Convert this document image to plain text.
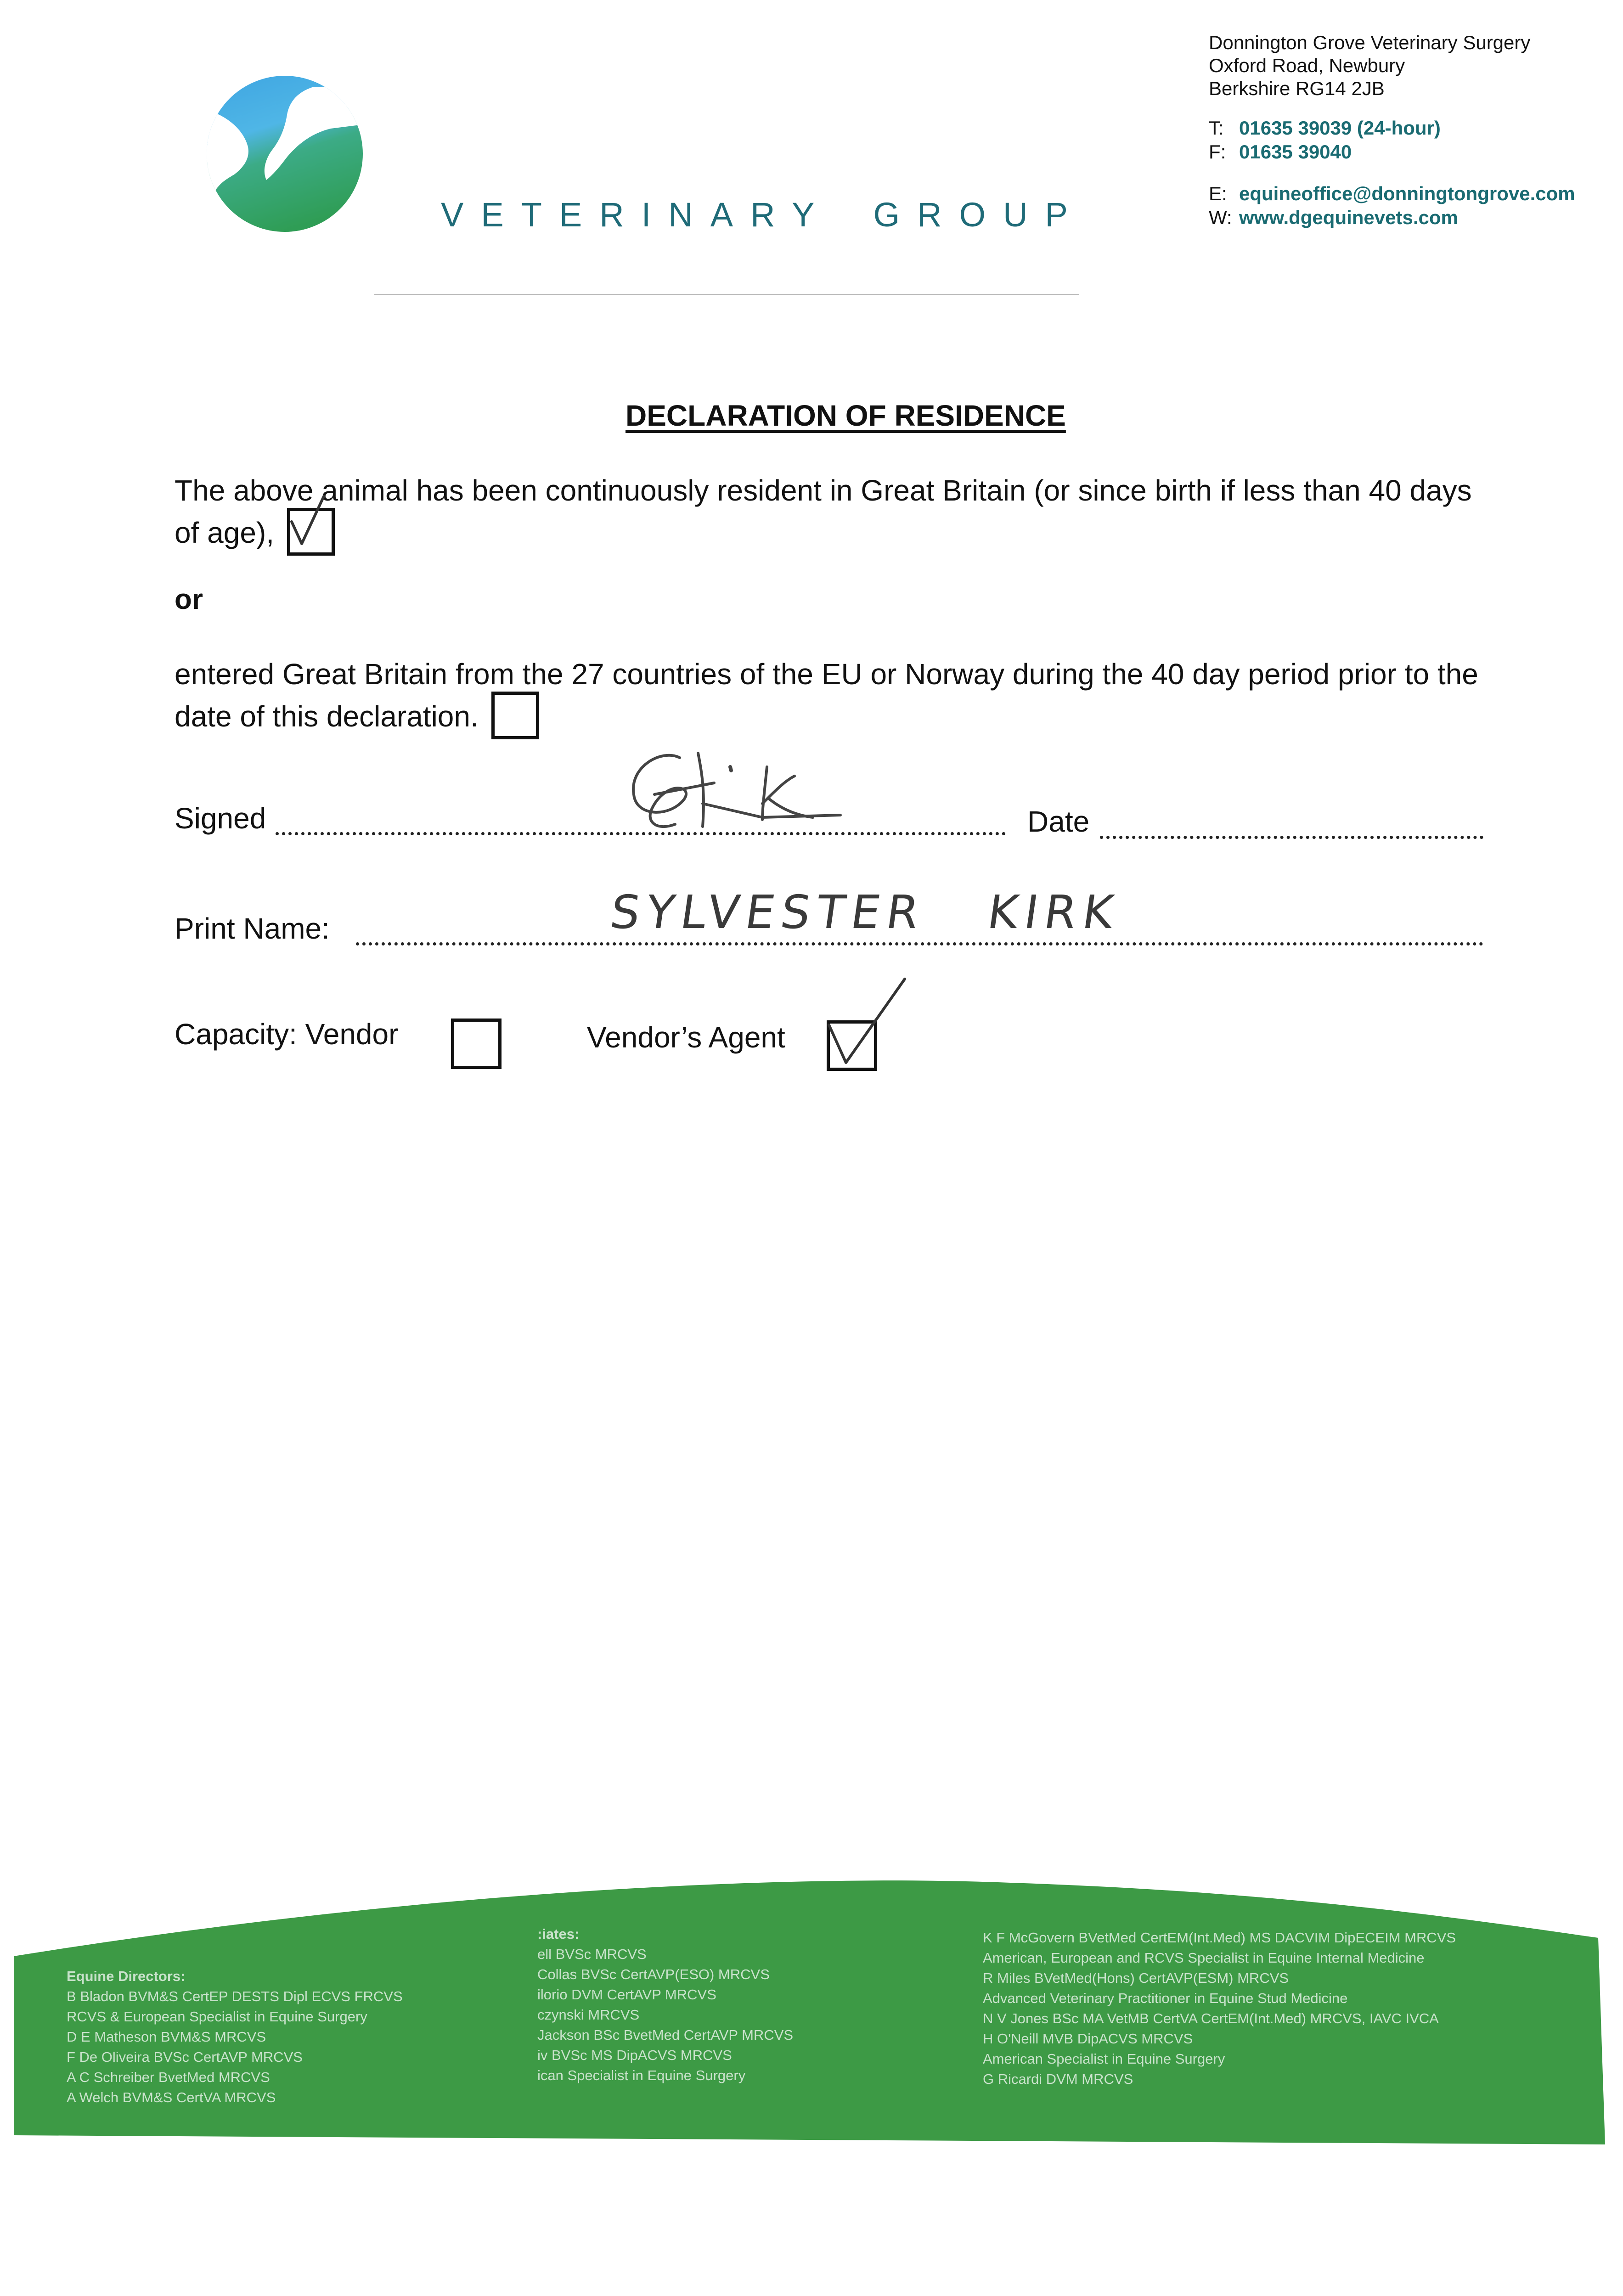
VETERINARY GROUP
Donnington Grove Veterinary Surgery
Oxford Road, Newbury
Berkshire RG14 2JB
T: 01635 39039 (24-hour)
F: 01635 39040
E: equineoffice@donningtongrove.com
W: www.dgequinevets.com
DECLARATION OF RESIDENCE
The above animal has been continuously resident in Great Britain (or since birth if less than 40 days of age),
or
entered Great Britain from the 27 countries of the EU or Norway during the 40 day period prior to the date of this declaration.
Signed	Date
Print Name:	SYLVESTER   KIRK
Capacity: Vendor	Vendor’s Agent
Equine Directors:
B Bladon BVM&S CertEP DESTS Dipl ECVS FRCVS
RCVS & European Specialist in Equine Surgery
D E Matheson BVM&S MRCVS
F De Oliveira BVSc CertAVP MRCVS
A C Schreiber BvetMed MRCVS
A Welch BVM&S CertVA MRCVS
:iates:
ell BVSc MRCVS
Collas BVSc CertAVP(ESO) MRCVS
ilorio DVM CertAVP MRCVS
czynski MRCVS
Jackson BSc BvetMed CertAVP MRCVS
iv BVSc MS DipACVS MRCVS
ican Specialist in Equine Surgery
K F McGovern BVetMed CertEM(Int.Med) MS DACVIM DipECEIM MRCVS
American, European and RCVS Specialist in Equine Internal Medicine
R Miles BVetMed(Hons) CertAVP(ESM) MRCVS
Advanced Veterinary Practitioner in Equine Stud Medicine
N V Jones BSc MA VetMB CertVA CertEM(Int.Med) MRCVS, IAVC IVCA
H O'Neill MVB DipACVS MRCVS
American Specialist in Equine Surgery
G Ricardi DVM MRCVS
